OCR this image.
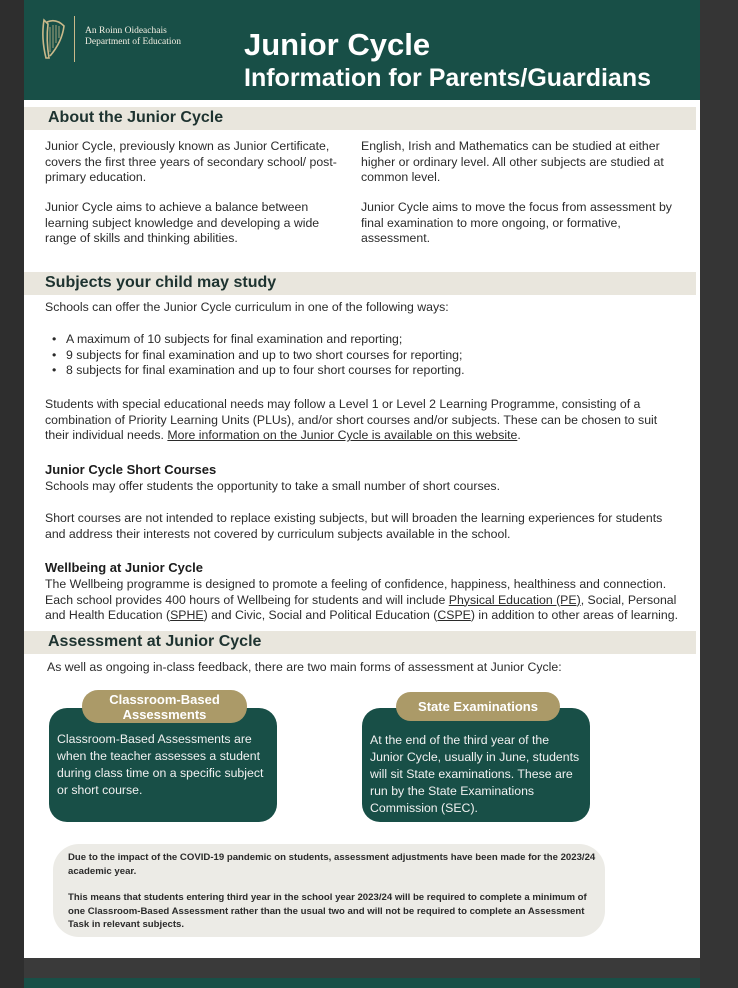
An Roinn Oideachais
Department of Education Junior Cycle
Information for Parents/Guardians
About the Junior Cycle
Junior Cycle, previously known as Junior Certificate, covers the first three years of secondary school/ post-primary education.
Junior Cycle aims to achieve a balance between learning subject knowledge and developing a wide range of skills and thinking abilities.
English, Irish and Mathematics can be studied at either higher or ordinary level. All other subjects are studied at common level.
Junior Cycle aims to move the focus from assessment by final examination to more ongoing, or formative, assessment.
Subjects your child may study
Schools can offer the Junior Cycle curriculum in one of the following ways:
• A maximum of 10 subjects for final examination and reporting;
• 9 subjects for final examination and up to two short courses for reporting;
• 8 subjects for final examination and up to four short courses for reporting.
Students with special educational needs may follow a Level 1 or Level 2 Learning Programme, consisting of a combination of Priority Learning Units (PLUs), and/or short courses and/or subjects. These can be chosen to suit their individual needs. More information on the Junior Cycle is available on this website.
Junior Cycle Short Courses
Schools may offer students the opportunity to take a small number of short courses.
Short courses are not intended to replace existing subjects, but will broaden the learning experiences for students and address their interests not covered by curriculum subjects available in the school.
Wellbeing at Junior Cycle
The Wellbeing programme is designed to promote a feeling of confidence, happiness, healthiness and connection. Each school provides 400 hours of Wellbeing for students and will include Physical Education (PE), Social, Personal and Health Education (SPHE) and Civic, Social and Political Education (CSPE) in addition to other areas of learning.
Assessment at Junior Cycle
As well as ongoing in-class feedback, there are two main forms of assessment at Junior Cycle:
Classroom-Based Assessments are when the teacher assesses a student during class time on a specific subject or short course.
Classroom-Based Assessments
At the end of the third year of the Junior Cycle, usually in June, students will sit State examinations. These are run by the State Examinations Commission (SEC).
State Examinations

Due to the impact of the COVID-19 pandemic on students, assessment adjustments have been made for the 2023/24 academic year.

This means that students entering third year in the school year 2023/24 will be required to complete a minimum of one Classroom-Based Assessment rather than the usual two and will not be required to complete an Assessment Task in relevant subjects.
